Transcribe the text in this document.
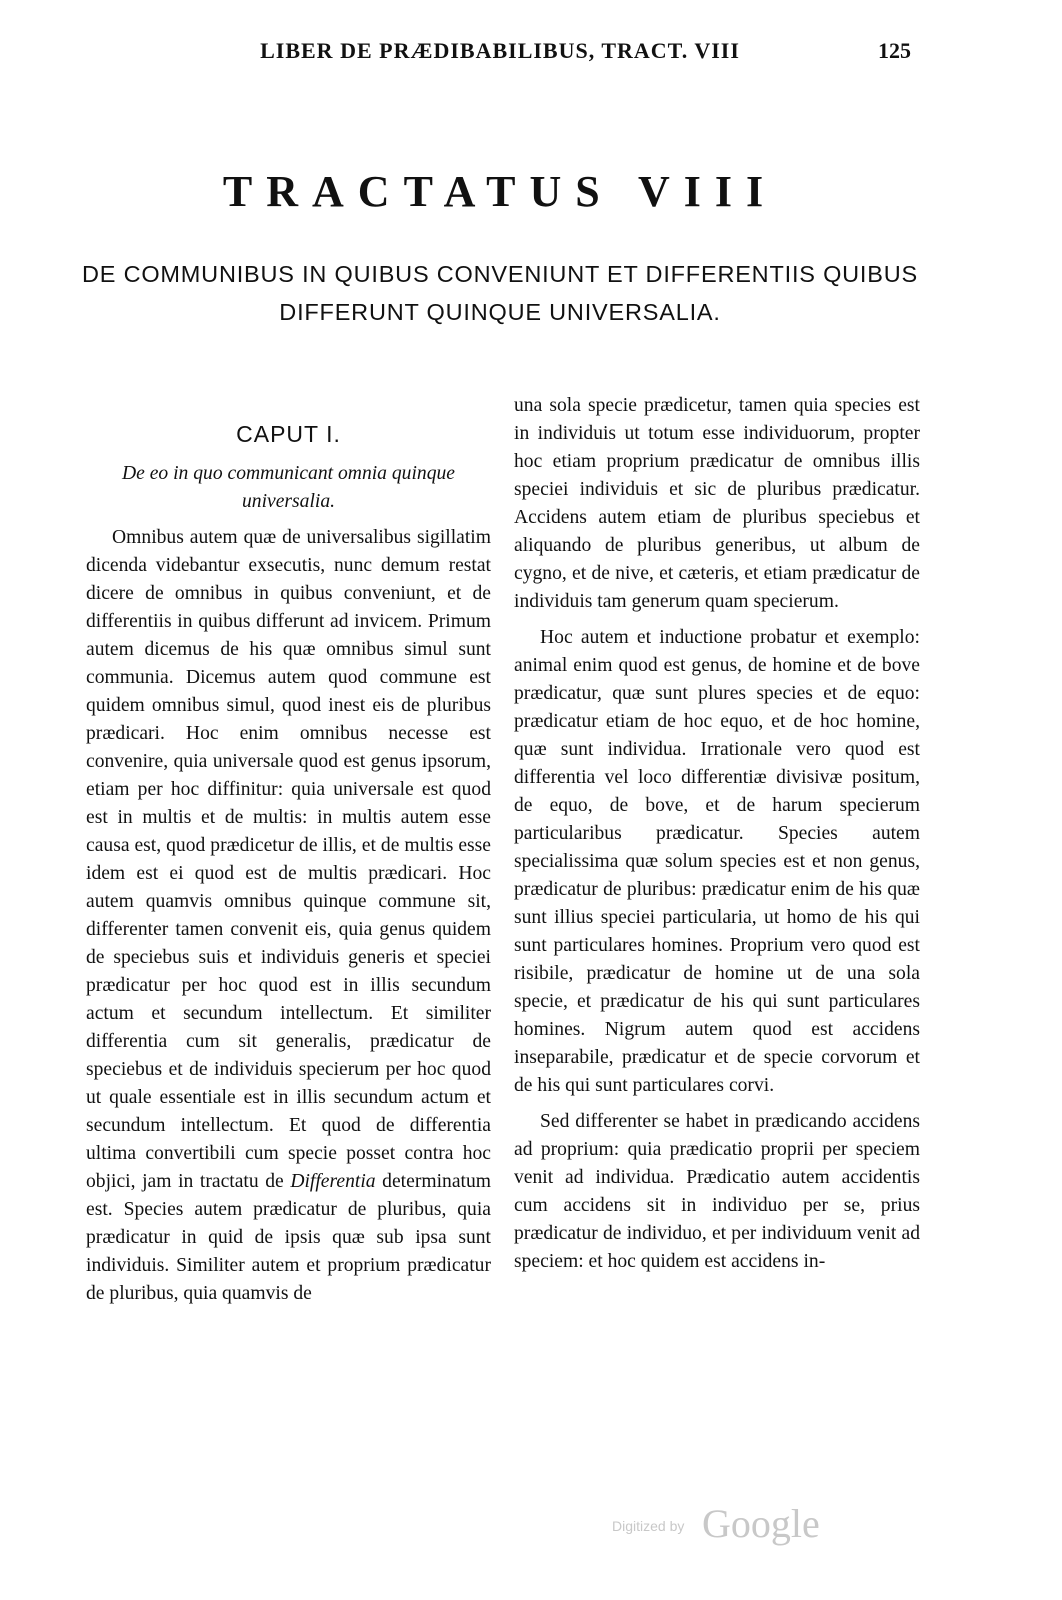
LIBER DE PRÆDIBABILIBUS, TRACT. VIII	125
TRACTATUS VIII
DE COMMUNIBUS IN QUIBUS CONVENIUNT ET DIFFERENTIIS QUIBUS DIFFERUNT QUINQUE UNIVERSALIA.
CAPUT I.
De eo in quo communicant omnia quinque universalia.

Omnibus autem quæ de universalibus sigillatim dicenda videbantur exsecutis, nunc demum restat dicere de omnibus in quibus conveniunt, et de differentiis in quibus differunt ad invicem. Primum autem dicemus de his quæ omnibus simul sunt communia. Dicemus autem quod commune est quidem omnibus simul, quod inest eis de pluribus prædicari. Hoc enim omnibus necesse est convenire, quia universale quod est genus ipsorum, etiam per hoc diffinitur: quia universale est quod est in multis et de multis: in multis autem esse causa est, quod prædicetur de illis, et de multis esse idem est ei quod est de multis prædicari. Hoc autem quamvis omnibus quinque commune sit, differenter tamen convenit eis, quia genus quidem de speciebus suis et individuis generis et speciei prædicatur per hoc quod est in illis secundum actum et secundum intellectum. Et similiter differentia cum sit generalis, prædicatur de speciebus et de individuis specierum per hoc quod ut quale essentiale est in illis secundum actum et secundum intellectum. Et quod de differentia ultima convertibili cum specie posset contra hoc objici, jam in tractatu de Differentia determinatum est. Species autem prædicatur de pluribus, quia prædicatur in quid de ipsis quæ sub ipsa sunt individuis. Similiter autem et proprium prædicatur de pluribus, quia quamvis de

una sola specie prædicetur, tamen quia species est in individuis ut totum esse individuorum, propter hoc etiam proprium prædicatur de omnibus illis speciei individuis et sic de pluribus prædicatur. Accidens autem etiam de pluribus speciebus et aliquando de pluribus generibus, ut album de cygno, et de nive, et cæteris, et etiam prædicatur de individuis tam generum quam specierum.

Hoc autem et inductione probatur et exemplo: animal enim quod est genus, de homine et de bove prædicatur, quæ sunt plures species et de equo: prædicatur etiam de hoc equo, et de hoc homine, quæ sunt individua. Irrationale vero quod est differentia vel loco differentiæ divisivæ positum, de equo, de bove, et de harum specierum particularibus prædicatur. Species autem specialissima quæ solum species est et non genus, prædicatur de pluribus: prædicatur enim de his quæ sunt illius speciei particularia, ut homo de his qui sunt particulares homines. Proprium vero quod est risibile, prædicatur de homine ut de una sola specie, et prædicatur de his qui sunt particulares homines. Nigrum autem quod est accidens inseparabile, prædicatur et de specie corvorum et de his qui sunt particulares corvi.

Sed differenter se habet in prædicando accidens ad proprium: quia prædicatio proprii per speciem venit ad individua. Prædicatio autem accidentis cum accidens sit in individuo per se, prius prædicatur de individuo, et per individuum venit ad speciem: et hoc quidem est accidens in-

Digitized by Google
